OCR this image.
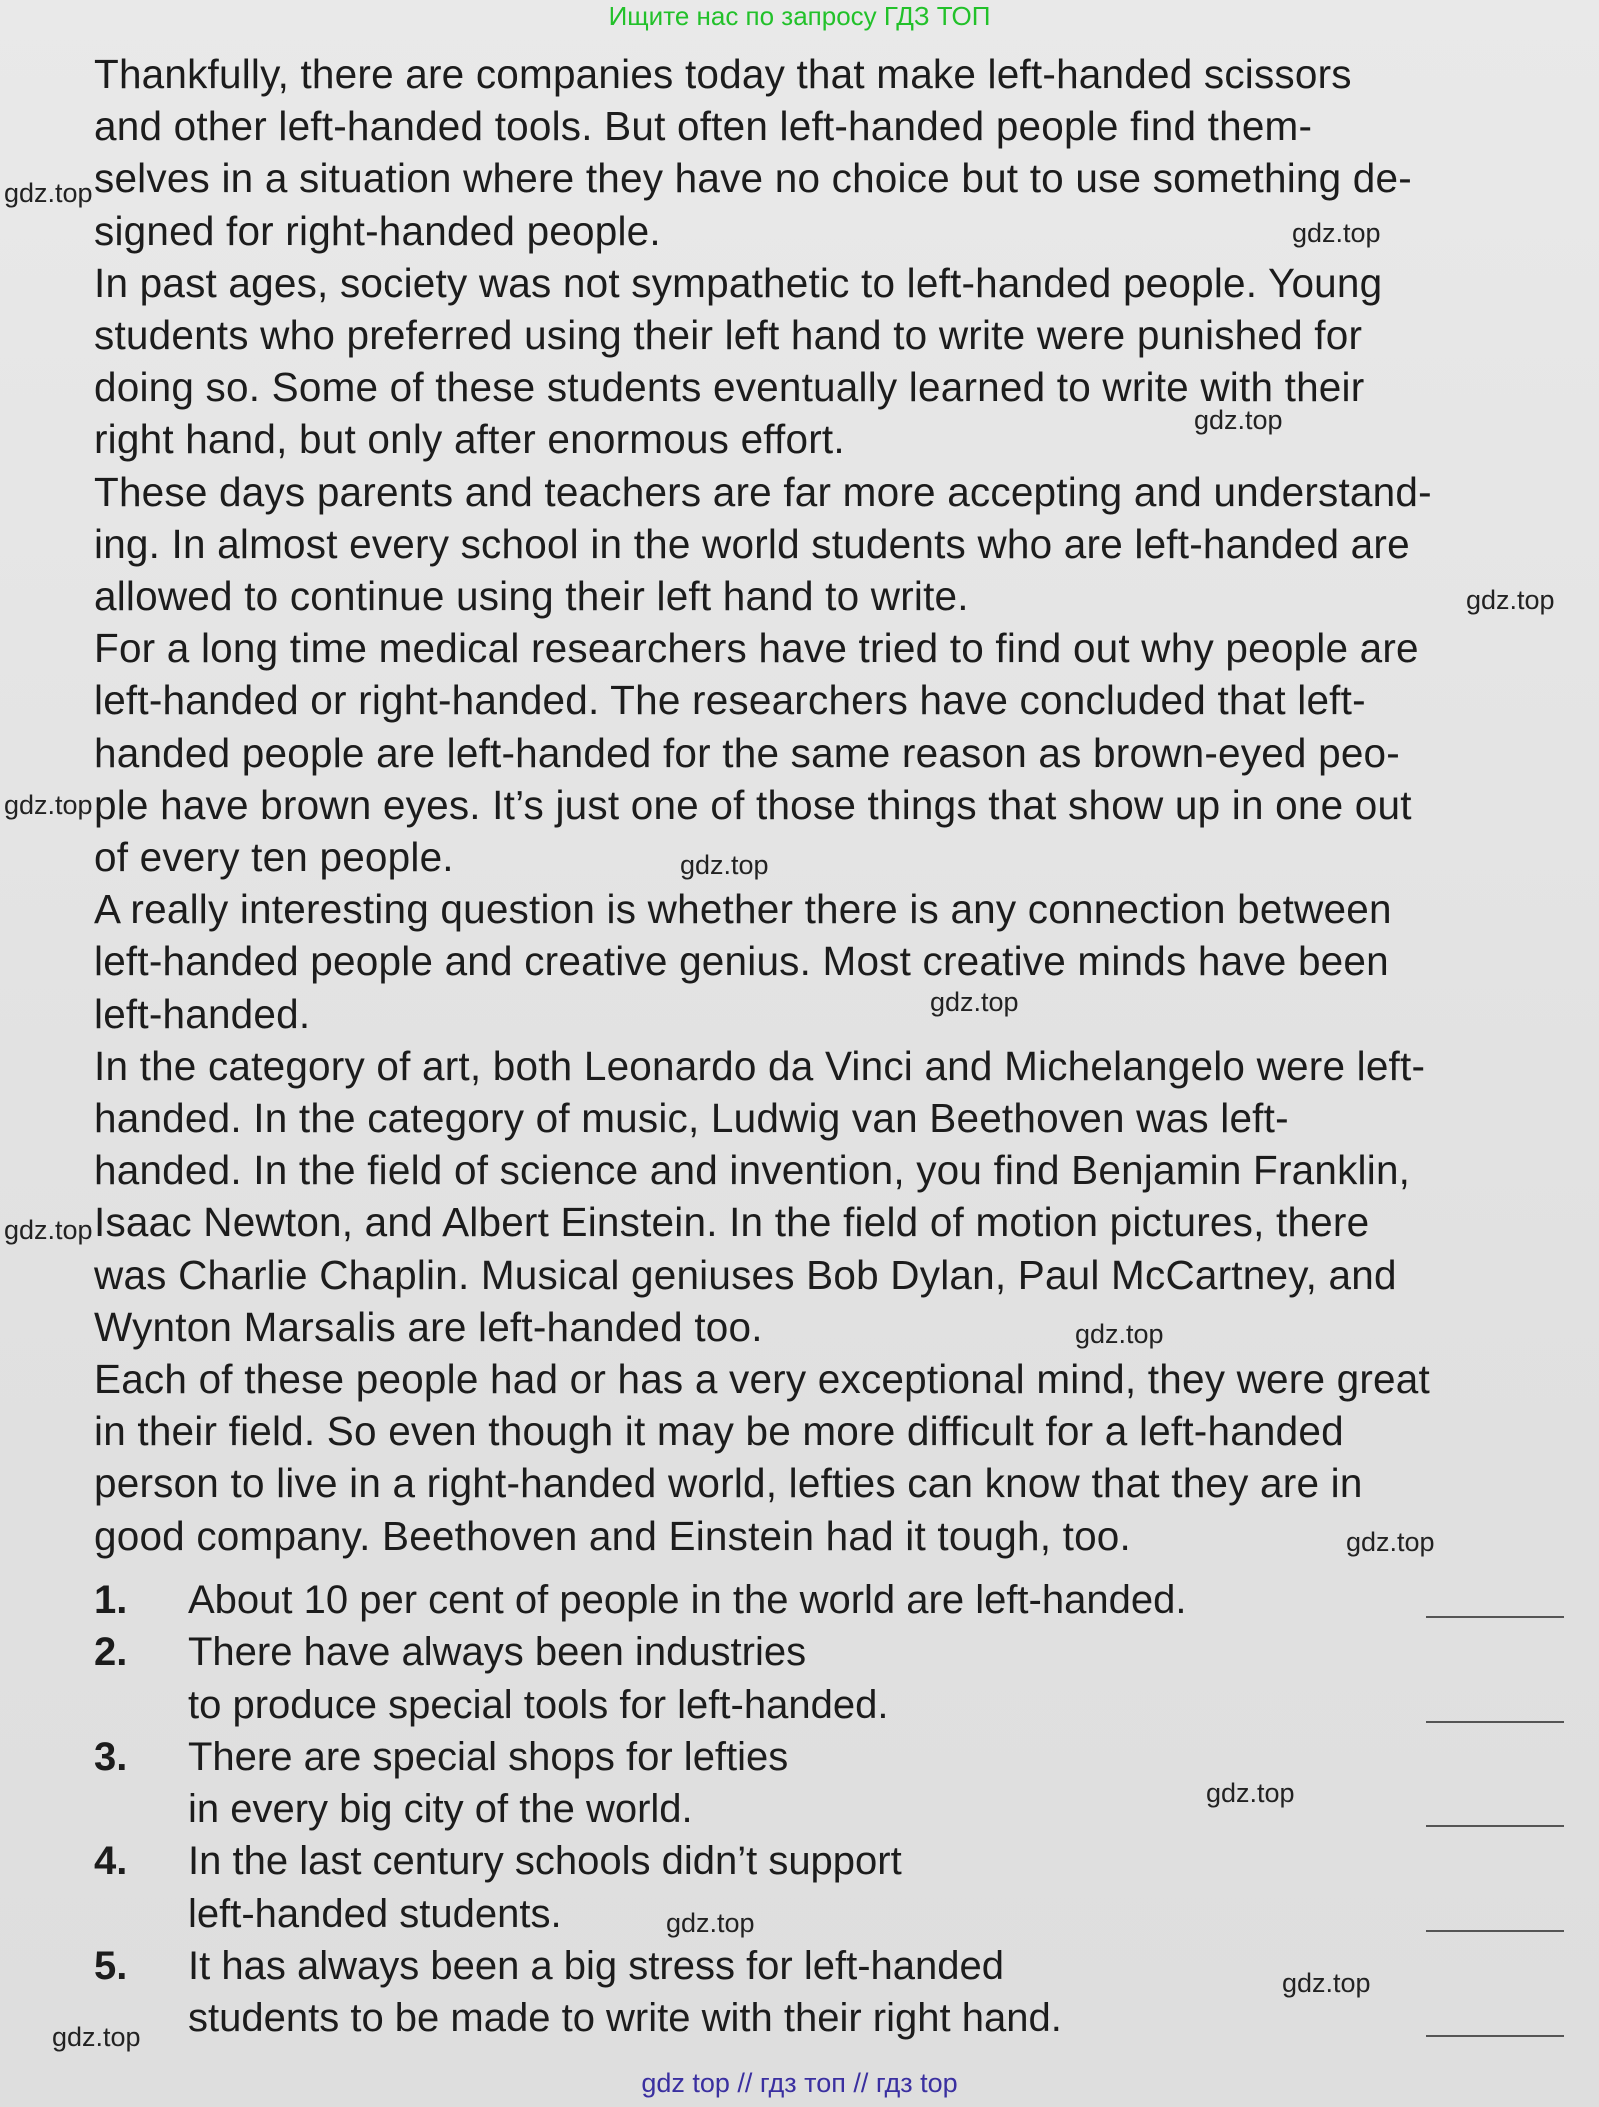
Ищите нас по запросу ГДЗ ТОП

Thankfully, there are companies today that make left-handed scissors

and other left-handed tools. But often left-handed people find them-

selves in a situation where they have no choice but to use something de-

signed for right-handed people.

In past ages, society was not sympathetic to left-handed people. Young

students who preferred using their left hand to write were punished for

doing so. Some of these students eventually learned to write with their

right hand, but only after enormous effort.

These days parents and teachers are far more accepting and understand-

ing. In almost every school in the world students who are left-handed are

allowed to continue using their left hand to write.

For a long time medical researchers have tried to find out why people are

left-handed or right-handed. The researchers have concluded that left-

handed people are left-handed for the same reason as brown-eyed peo-

ple have brown eyes. It’s just one of those things that show up in one out

of every ten people.

A really interesting question is whether there is any connection between

left-handed people and creative genius. Most creative minds have been

left-handed.

In the category of art, both Leonardo da Vinci and Michelangelo were left-

handed. In the category of music, Ludwig van Beethoven was left-

handed. In the field of science and invention, you find Benjamin Franklin,

Isaac Newton, and Albert Einstein. In the field of motion pictures, there

was Charlie Chaplin. Musical geniuses Bob Dylan, Paul McCartney, and

Wynton Marsalis are left-handed too.

Each of these people had or has a very exceptional mind, they were great

in their field. So even though it may be more difficult for a left-handed

person to live in a right-handed world, lefties can know that they are in

good company. Beethoven and Einstein had it tough, too.

1.	About 10 per cent of people in the world are left-handed.
2.	There have always been industries
to produce special tools for left-handed.
3.	There are special shops for lefties
in every big city of the world.
4.	In the last century schools didn’t support
left-handed students.
5.	It has always been a big stress for left-handed
students to be made to write with their right hand.
gdz.top
gdz.top
gdz.top
gdz.top
gdz.top
gdz.top
gdz.top
gdz.top
gdz.top
gdz.top
gdz.top
gdz.top
gdz.top
gdz.top
gdz top // гдз топ // гдз top
